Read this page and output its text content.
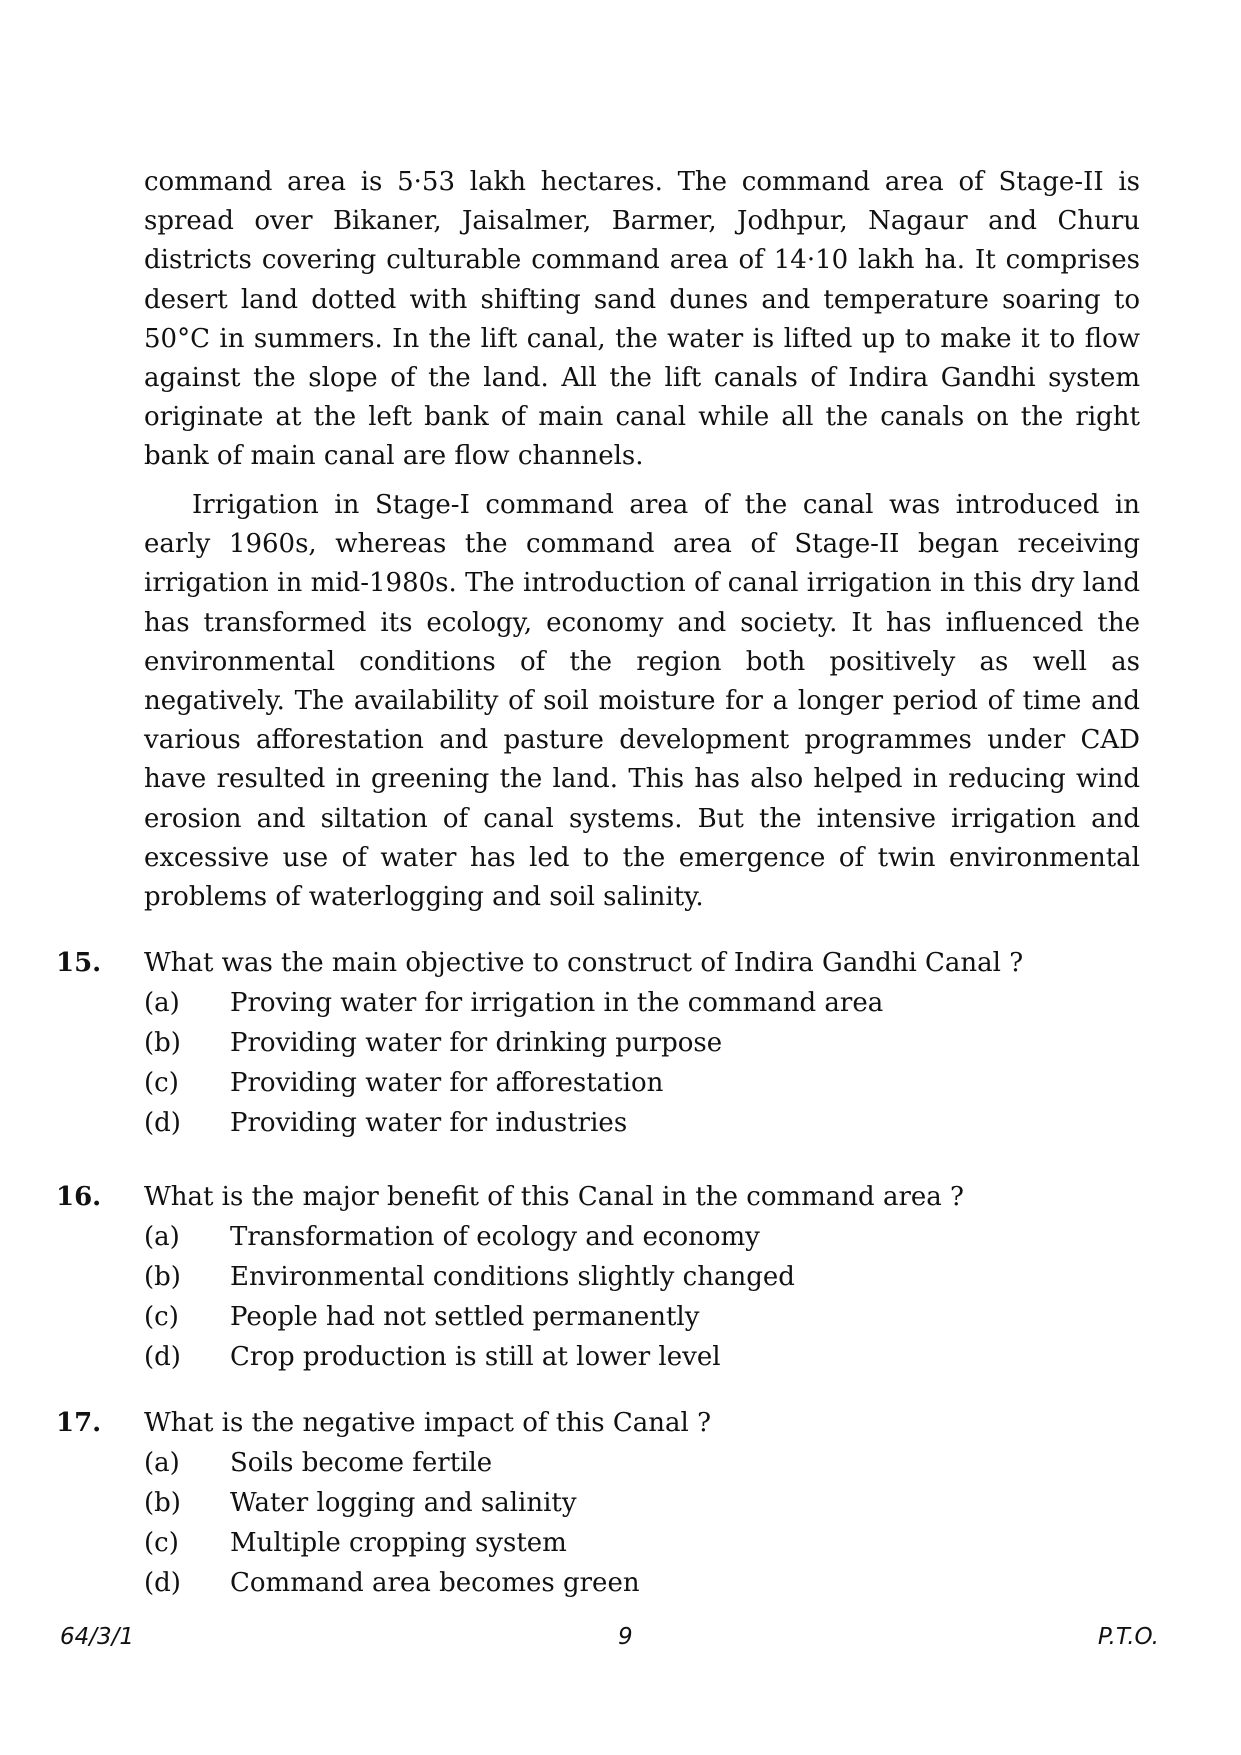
command area is 5·53 lakh hectares. The command area of Stage-II is spread over Bikaner, Jaisalmer, Barmer, Jodhpur, Nagaur and Churu districts covering culturable command area of 14·10 lakh ha. It comprises desert land dotted with shifting sand dunes and temperature soaring to 50°C in summers. In the lift canal, the water is lifted up to make it to flow against the slope of the land. All the lift canals of Indira Gandhi system originate at the left bank of main canal while all the canals on the right bank of main canal are flow channels.

Irrigation in Stage-I command area of the canal was introduced in early 1960s, whereas the command area of Stage-II began receiving irrigation in mid-1980s. The introduction of canal irrigation in this dry land has transformed its ecology, economy and society. It has influenced the environmental conditions of the region both positively as well as negatively. The availability of soil moisture for a longer period of time and various afforestation and pasture development programmes under CAD have resulted in greening the land. This has also helped in reducing wind erosion and siltation of canal systems. But the intensive irrigation and excessive use of water has led to the emergence of twin environmental problems of waterlogging and soil salinity.

15. What was the main objective to construct of Indira Gandhi Canal ?
(a) Proving water for irrigation in the command area
(b) Providing water for drinking purpose
(c) Providing water for afforestation
(d) Providing water for industries
16. What is the major benefit of this Canal in the command area ?
(a) Transformation of ecology and economy
(b) Environmental conditions slightly changed
(c) People had not settled permanently
(d) Crop production is still at lower level
17. What is the negative impact of this Canal ?
(a) Soils become fertile
(b) Water logging and salinity
(c) Multiple cropping system
(d) Command area becomes green
64/3/1	9	P.T.O.
